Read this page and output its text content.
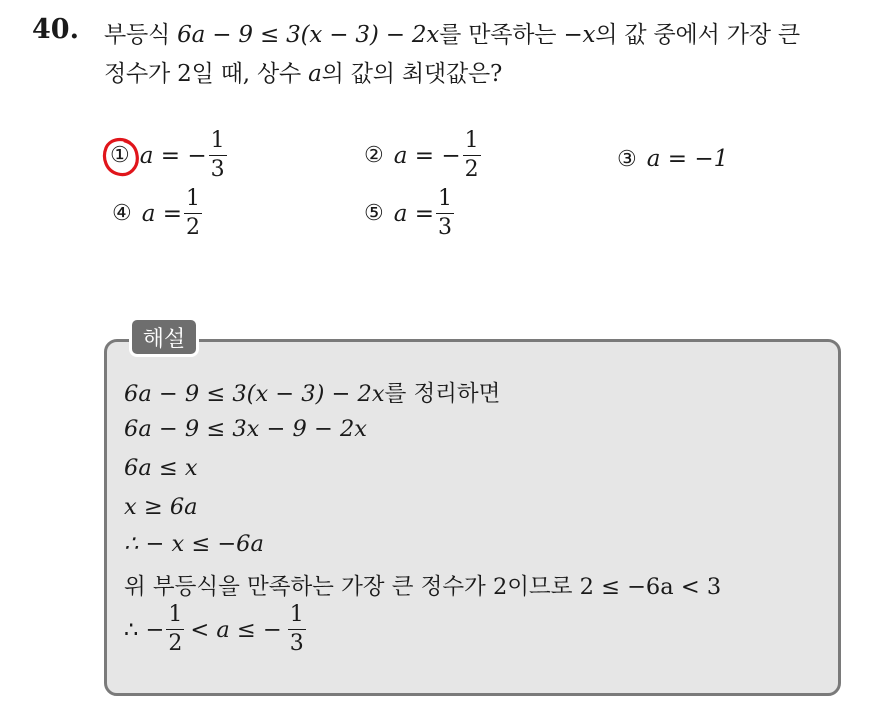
40. 부등식 6a − 9 ≤ 3(x − 3) − 2x를 만족하는 −x의 값 중에서 가장 큰
정수가 2일 때, 상수 a의 값의 최댓값은?
① a = − $\frac{1}{3}$	② a = − $\frac{1}{2}$	③ a = −1
④ $a = \frac{1}{2}$	⑤ $a = \frac{1}{3}$
해설
6a − 9 ≤ 3(x − 3) − 2x를 정리하면
6a − 9 ≤ 3x − 9 − 2x
6a ≤ x
x ≥ 6a
∴ − x ≤ −6a
위 부등식을 만족하는 가장 큰 정수가 2이므로 2 ≤ −6a < 3
∴ − $\frac{1}{2} < a$ ≤ − $\frac{1}{3}$
